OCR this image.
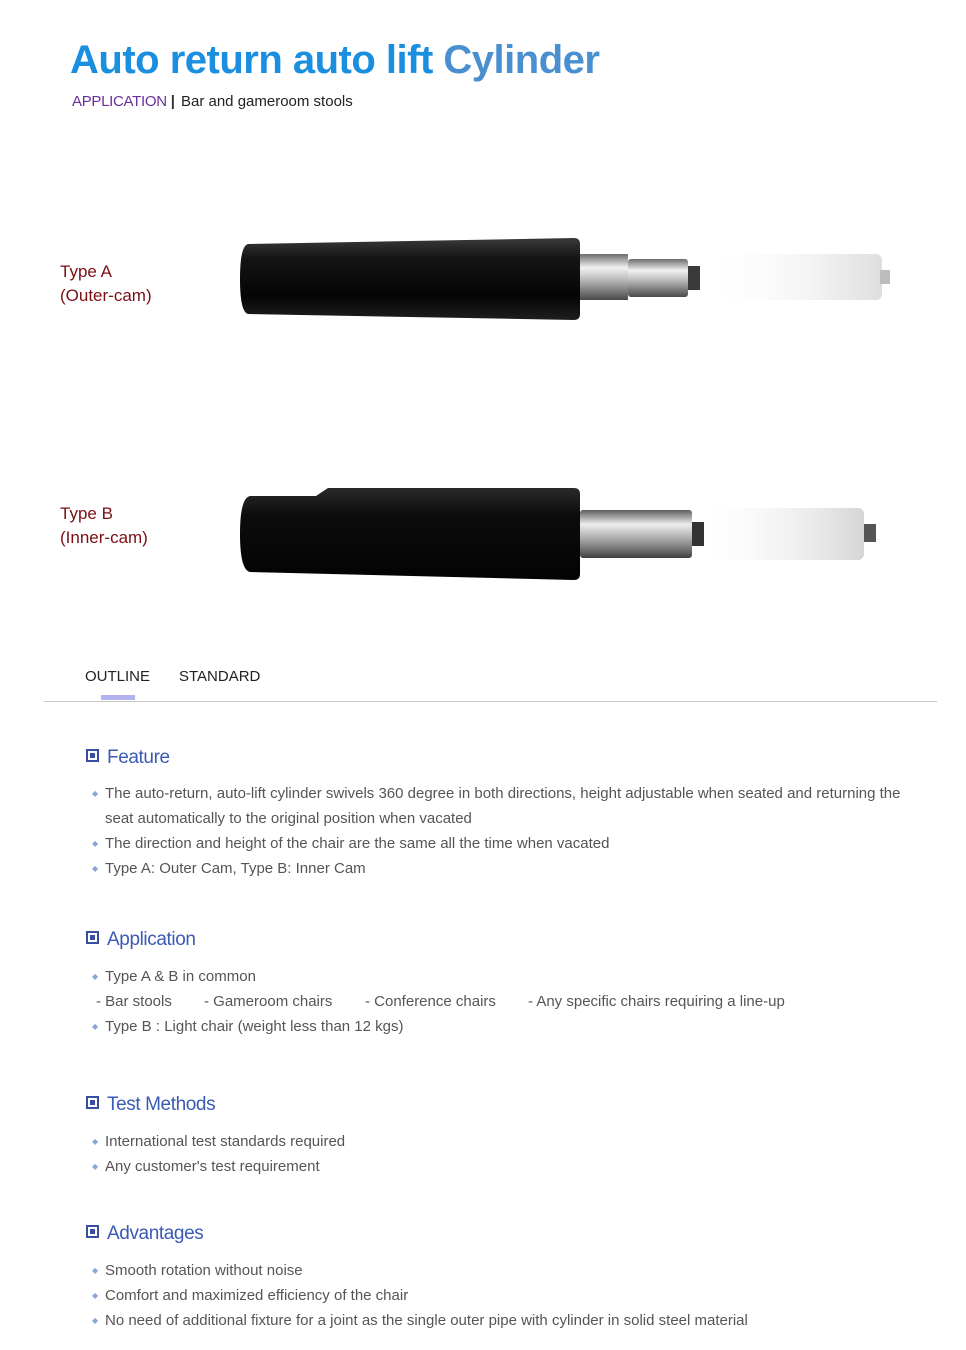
Auto return auto lift Cylinder
APPLICATION | Bar and gameroom stools
Type A
(Outer-cam)
Type B
(Inner-cam)
OUTLINE STANDARD
Feature
◆ The auto-return, auto-lift cylinder swivels 360 degree in both directions, height adjustable when seated and returning the seat automatically to the original position when vacated
◆ The direction and height of the chair are the same all the time when vacated
◆ Type A: Outer Cam, Type B: Inner Cam
Application
◆ Type A & B in common
- Bar stools	- Gameroom chairs	- Conference chairs	- Any specific chairs requiring a line-up
◆ Type B : Light chair (weight less than 12 kgs)
Test Methods
◆ International test standards required
◆ Any customer's test requirement
Advantages
◆ Smooth rotation without noise
◆ Comfort and maximized efficiency of the chair
◆ No need of additional fixture for a joint as the single outer pipe with cylinder in solid steel material
